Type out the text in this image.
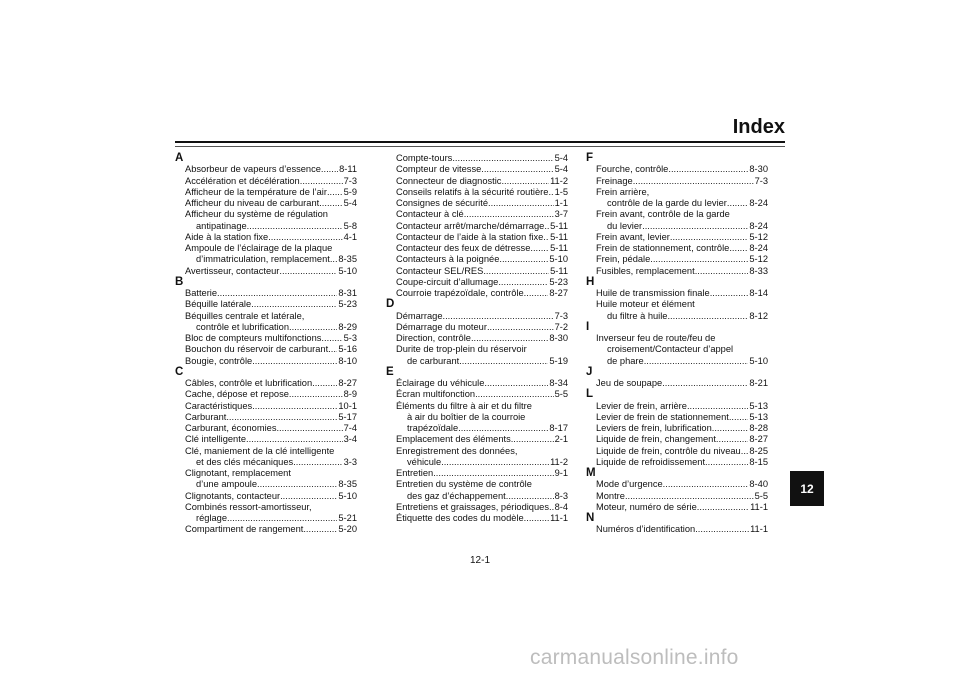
Index
A
Absorbeur de vapeurs d’essence ..... 8-11
Accélération et décélération .....	7-3
Afficheur de la température de l’air ..... 5-9
Afficheur du niveau de carburant .....	5-4
Afficheur du système de régulation
antipatinage .....	5-8
Aide à la station fixe .....	4-1
Ampoule de l’éclairage de la plaque
d’immatriculation, remplacement ..... 8-35
Avertisseur, contacteur .....	5-10
B
Batterie .....	8-31
Béquille latérale .....	5-23
Béquilles centrale et latérale,
contrôle et lubrification .....	8-29
Bloc de compteurs multifonctions ..... 5-3
Bouchon du réservoir de carburant ..... 5-16
Bougie, contrôle .....	8-10
C
Câbles, contrôle et lubrification .....	8-27
Cache, dépose et repose .....	8-9
Caractéristiques .....	10-1
Carburant .....	5-17
Carburant, économies .....	7-4
Clé intelligente .....	3-4
Clé, maniement de la clé intelligente
et des clés mécaniques .....	3-3
Clignotant, remplacement
d’une ampoule .....	8-35
Clignotants, contacteur .....	5-10
Combinés ressort-amortisseur,
réglage .....	5-21
Compartiment de rangement .....	5-20
Compte-tours .....	5-4
Compteur de vitesse .....	5-4
Connecteur de diagnostic .....	11-2
Conseils relatifs à la sécurité routière ..... 1-5
Consignes de sécurité .....	1-1
Contacteur à clé .....	3-7
Contacteur arrêt/marche/démarrage ..... 5-11
Contacteur de l’aide à la station fixe ..... 5-11
Contacteur des feux de détresse ..... 5-11
Contacteurs à la poignée .....	5-10
Contacteur SEL/RES .....	5-11
Coupe-circuit d’allumage .....	5-23
Courroie trapézoïdale, contrôle .....	8-27
D
Démarrage .....	7-3
Démarrage du moteur .....	7-2
Direction, contrôle .....	8-30
Durite de trop-plein du réservoir
de carburant .....	5-19
E
Éclairage du véhicule .....	8-34
Écran multifonction .....	5-5
Éléments du filtre à air et du filtre
à air du boîtier de la courroie
trapézoïdale .....	8-17
Emplacement des éléments .....	2-1
Enregistrement des données,
véhicule .....	11-2
Entretien .....	9-1
Entretien du système de contrôle
des gaz d’échappement .....	8-3
Entretiens et graissages, périodiques ..... 8-4
Étiquette des codes du modèle .....	11-1
F
Fourche, contrôle .....	8-30
Freinage .....	7-3
Frein arrière,
contrôle de la garde du levier ..... 8-24
Frein avant, contrôle de la garde
du levier .....	8-24
Frein avant, levier .....	5-12
Frein de stationnement, contrôle ..... 8-24
Frein, pédale .....	5-12
Fusibles, remplacement .....	8-33
H
Huile de transmission finale .....	8-14
Huile moteur et élément
du filtre à huile .....	8-12
I
Inverseur feu de route/feu de
croisement/Contacteur d’appel
de phare .....	5-10
J
Jeu de soupape .....	8-21
L
Levier de frein, arrière .....	5-13
Levier de frein de stationnement ..... 5-13
Leviers de frein, lubrification .....	8-28
Liquide de frein, changement .....	8-27
Liquide de frein, contrôle du niveau ..... 8-25
Liquide de refroidissement .....	8-15
M
Mode d’urgence .....	8-40
Montre .....	5-5
Moteur, numéro de série .....	11-1
N
Numéros d’identification .....	11-1
12-1
12
carmanualsonline.info
